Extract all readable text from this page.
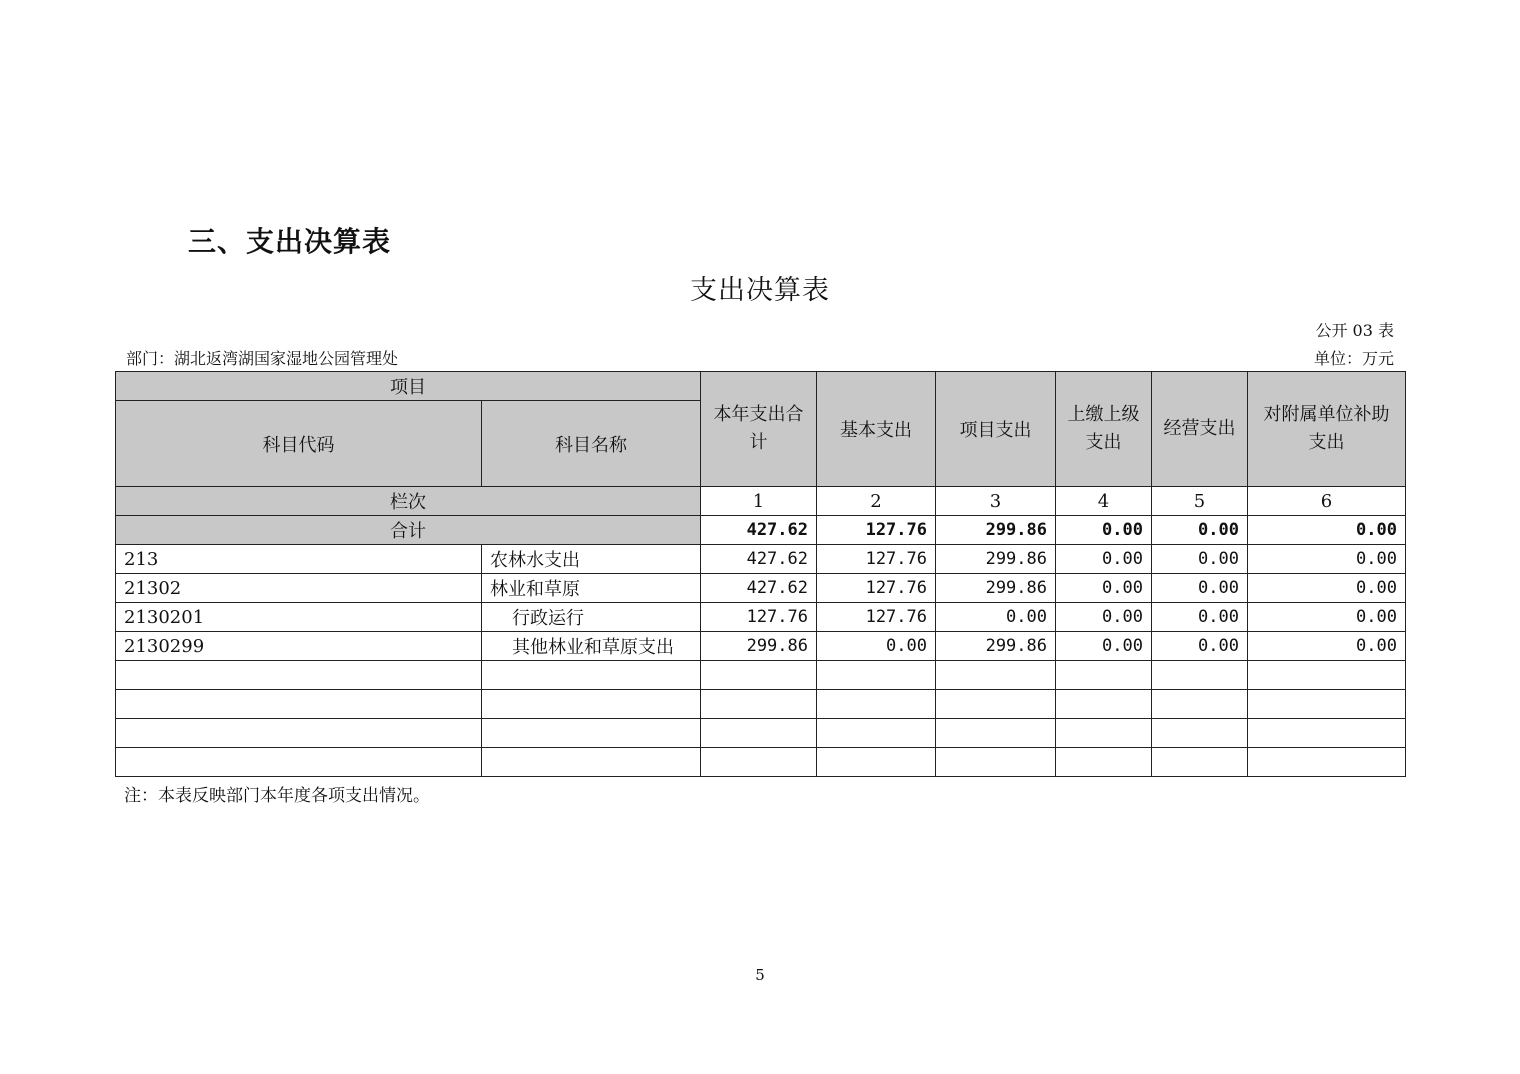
三、支出决算表
支出决算表
公开 03 表
部门：湖北返湾湖国家湿地公园管理处	单位：万元
项目		本年支出合计	基本支出	项目支出	上缴上级支出	经营支出	对附属单位补助支出
科目代码	科目名称						
栏次		1	2	3	4	5	6
合计		427.62	127.76	299.86	0.00	0.00	0.00
213	农林水支出	427.62	127.76	299.86	0.00	0.00	0.00
21302	林业和草原	427.62	127.76	299.86	0.00	0.00	0.00
2130201	行政运行	127.76	127.76	0.00	0.00	0.00	0.00
2130299	其他林业和草原支出	299.86	0.00	299.86	0.00	0.00	0.00

注：本表反映部门本年度各项支出情况。
5
